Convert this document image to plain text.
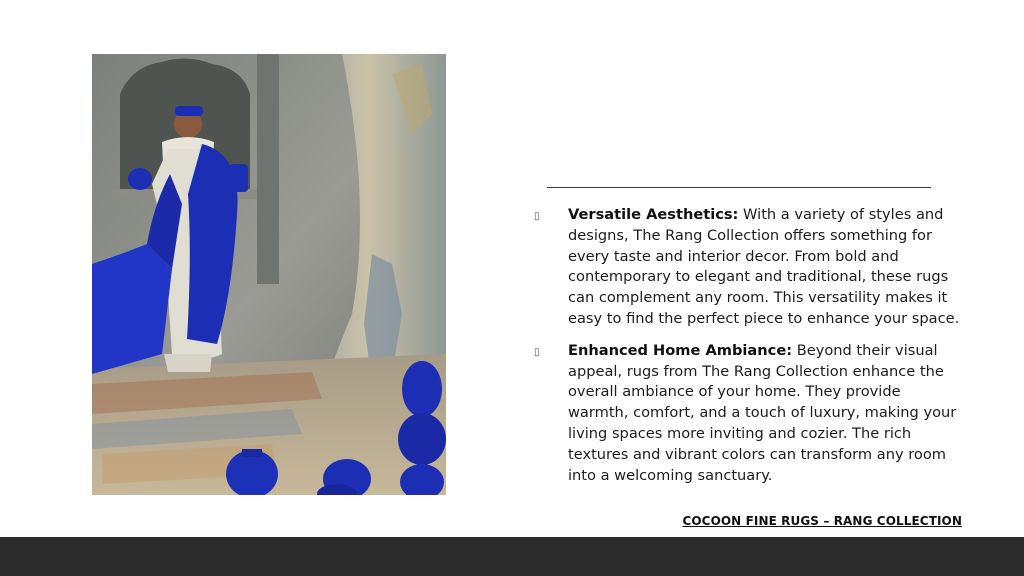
▯ Versatile Aesthetics: With a variety of styles and designs, The Rang Collection offers something for every taste and interior decor. From bold and contemporary to elegant and traditional, these rugs can complement any room. This versatility makes it easy to find the perfect piece to enhance your space.
▯ Enhanced Home Ambiance: Beyond their visual appeal, rugs from The Rang Collection enhance the overall ambiance of your home. They provide warmth, comfort, and a touch of luxury, making your living spaces more inviting and cozier. The rich textures and vibrant colors can transform any room into a welcoming sanctuary.
COCOON FINE RUGS – RANG COLLECTION
